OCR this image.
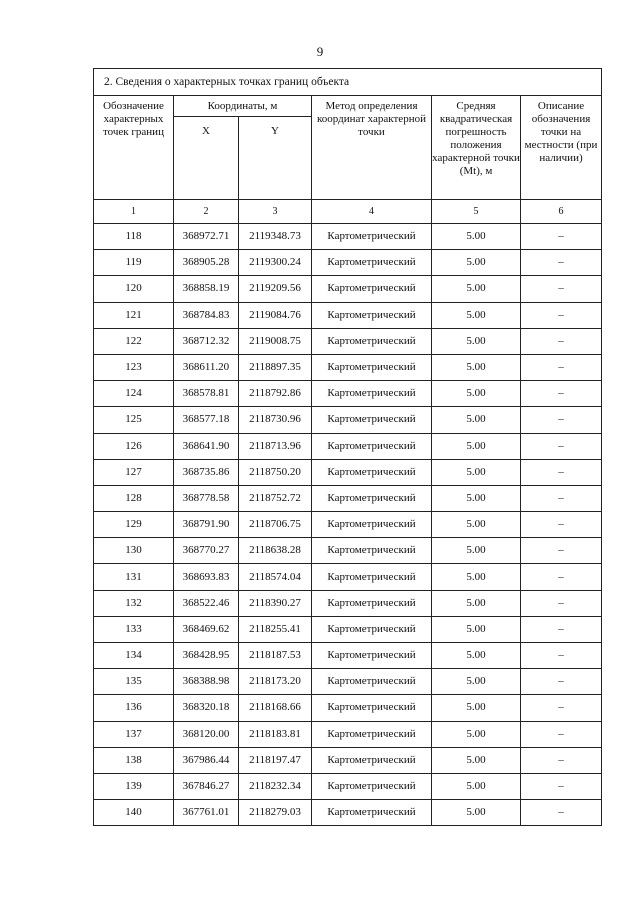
9
2. Сведения о характерных точках границ объекта					
Обозначение характерных точек границ	Координаты, м		Метод определения координат характерной точки	Средняя квадратическая погрешность положения характерной точки (Mt), м	Описание обозначения точки на местности (при наличии)
	X	Y			
1	2	3	4	5	6
118	368972.71	2119348.73	Картометрический	5.00	–
119	368905.28	2119300.24	Картометрический	5.00	–
120	368858.19	2119209.56	Картометрический	5.00	–
121	368784.83	2119084.76	Картометрический	5.00	–
122	368712.32	2119008.75	Картометрический	5.00	–
123	368611.20	2118897.35	Картометрический	5.00	–
124	368578.81	2118792.86	Картометрический	5.00	–
125	368577.18	2118730.96	Картометрический	5.00	–
126	368641.90	2118713.96	Картометрический	5.00	–
127	368735.86	2118750.20	Картометрический	5.00	–
128	368778.58	2118752.72	Картометрический	5.00	–
129	368791.90	2118706.75	Картометрический	5.00	–
130	368770.27	2118638.28	Картометрический	5.00	–
131	368693.83	2118574.04	Картометрический	5.00	–
132	368522.46	2118390.27	Картометрический	5.00	–
133	368469.62	2118255.41	Картометрический	5.00	–
134	368428.95	2118187.53	Картометрический	5.00	–
135	368388.98	2118173.20	Картометрический	5.00	–
136	368320.18	2118168.66	Картометрический	5.00	–
137	368120.00	2118183.81	Картометрический	5.00	–
138	367986.44	2118197.47	Картометрический	5.00	–
139	367846.27	2118232.34	Картометрический	5.00	–
140	367761.01	2118279.03	Картометрический	5.00	–
